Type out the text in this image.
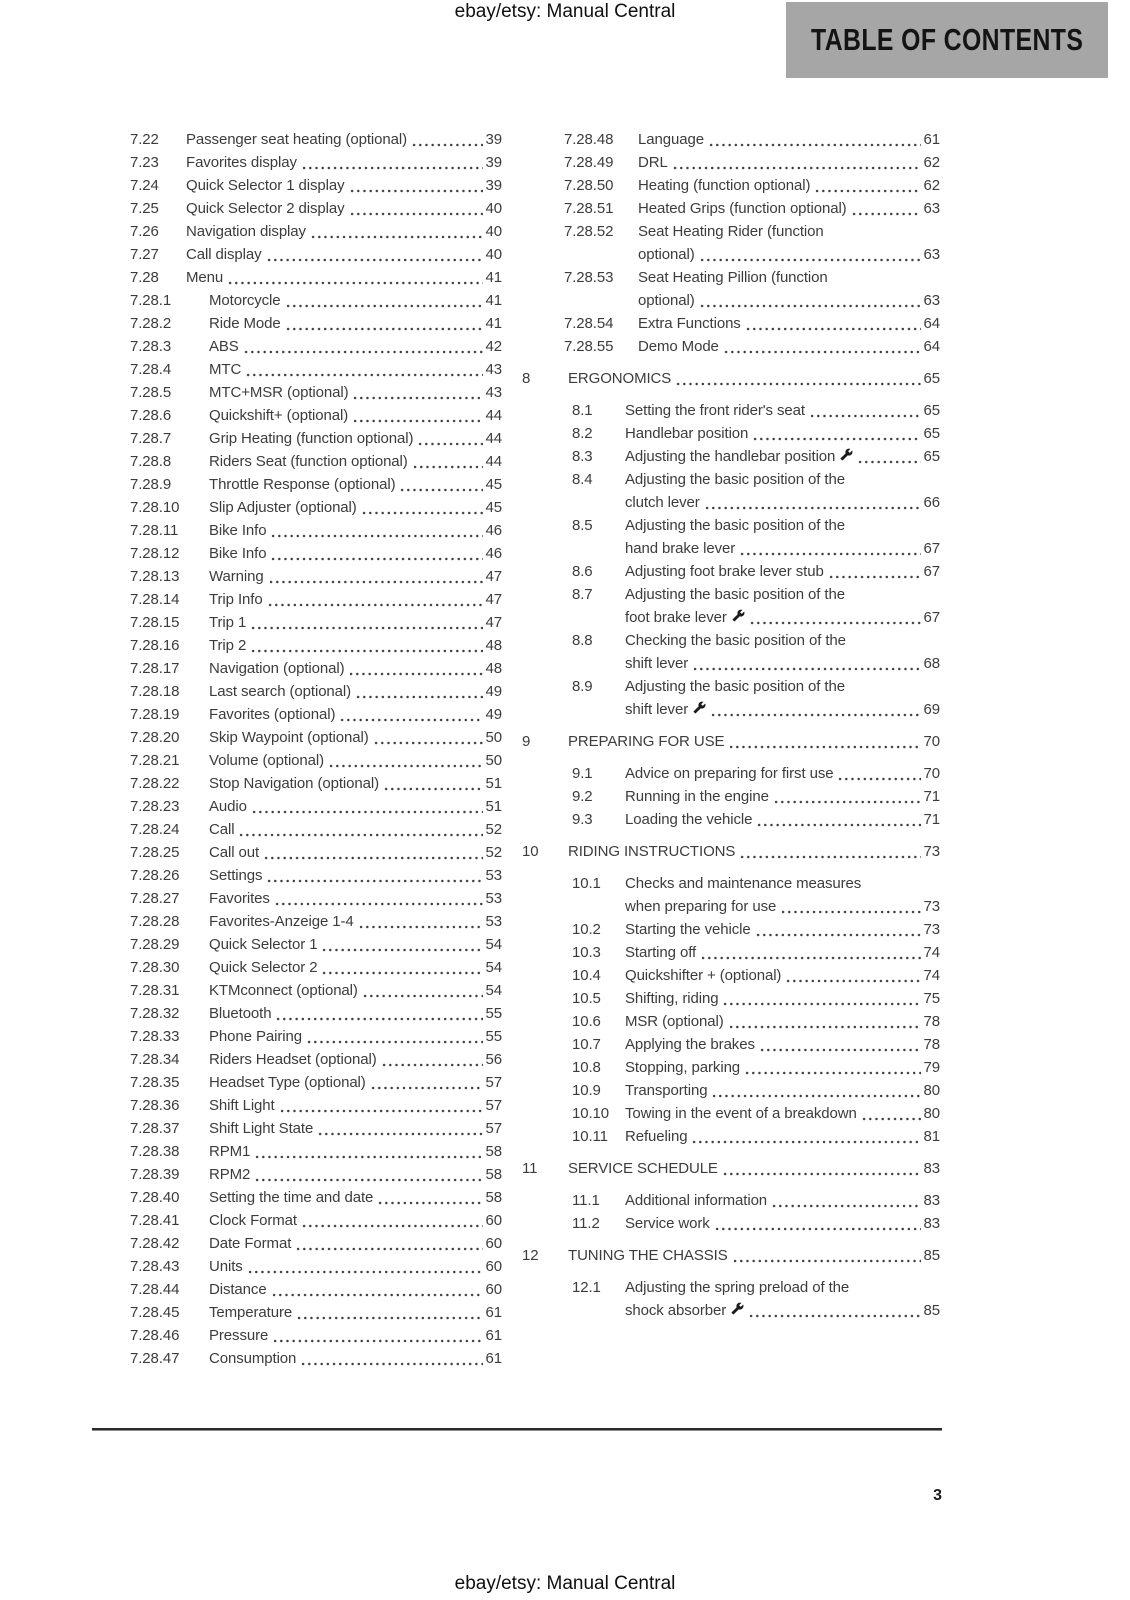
ebay/etsy: Manual Central
TABLE OF CONTENTS
7.22	Passenger seat heating (optional)	39
7.23	Favorites display	39
7.24	Quick Selector 1 display	39
7.25	Quick Selector 2 display	40
7.26	Navigation display	40
7.27	Call display	40
7.28	Menu	41
7.28.1	Motorcycle	41
7.28.2	Ride Mode	41
7.28.3	ABS	42
7.28.4	MTC	43
7.28.5	MTC+MSR (optional)	43
7.28.6	Quickshift+ (optional)	44
7.28.7	Grip Heating (function optional)	44
7.28.8	Riders Seat (function optional)	44
7.28.9	Throttle Response (optional)	45
7.28.10	Slip Adjuster (optional)	45
7.28.11	Bike Info	46
7.28.12	Bike Info	46
7.28.13	Warning	47
7.28.14	Trip Info	47
7.28.15	Trip 1	47
7.28.16	Trip 2	48
7.28.17	Navigation (optional)	48
7.28.18	Last search (optional)	49
7.28.19	Favorites (optional)	49
7.28.20	Skip Waypoint (optional)	50
7.28.21	Volume (optional)	50
7.28.22	Stop Navigation (optional)	51
7.28.23	Audio	51
7.28.24	Call	52
7.28.25	Call out	52
7.28.26	Settings	53
7.28.27	Favorites	53
7.28.28	Favorites-Anzeige 1-4	53
7.28.29	Quick Selector 1	54
7.28.30	Quick Selector 2	54
7.28.31	KTMconnect (optional)	54
7.28.32	Bluetooth	55
7.28.33	Phone Pairing	55
7.28.34	Riders Headset (optional)	56
7.28.35	Headset Type (optional)	57
7.28.36	Shift Light	57
7.28.37	Shift Light State	57
7.28.38	RPM1	58
7.28.39	RPM2	58
7.28.40	Setting the time and date	58
7.28.41	Clock Format	60
7.28.42	Date Format	60
7.28.43	Units	60
7.28.44	Distance	60
7.28.45	Temperature	61
7.28.46	Pressure	61
7.28.47	Consumption	61
7.28.48	Language	61
7.28.49	DRL	62
7.28.50	Heating (function optional)	62
7.28.51	Heated Grips (function optional)	63
7.28.52	Seat Heating Rider (function
optional)	63
7.28.53	Seat Heating Pillion (function
optional)	63
7.28.54	Extra Functions	64
7.28.55	Demo Mode	64
8	ERGONOMICS	65
8.1	Setting the front rider's seat	65
8.2	Handlebar position	65
8.3	Adjusting the handlebar position	65
8.4	Adjusting the basic position of the
clutch lever	66
8.5	Adjusting the basic position of the
hand brake lever	67
8.6	Adjusting foot brake lever stub	67
8.7	Adjusting the basic position of the
foot brake lever	67
8.8	Checking the basic position of the
shift lever	68
8.9	Adjusting the basic position of the
shift lever	69
9	PREPARING FOR USE	70
9.1	Advice on preparing for first use	70
9.2	Running in the engine	71
9.3	Loading the vehicle	71
10	RIDING INSTRUCTIONS	73
10.1	Checks and maintenance measures
when preparing for use	73
10.2	Starting the vehicle	73
10.3	Starting off	74
10.4	Quickshifter + (optional)	74
10.5	Shifting, riding	75
10.6	MSR (optional)	78
10.7	Applying the brakes	78
10.8	Stopping, parking	79
10.9	Transporting	80
10.10	Towing in the event of a breakdown	80
10.11	Refueling	81
11	SERVICE SCHEDULE	83
11.1	Additional information	83
11.2	Service work	83
12	TUNING THE CHASSIS	85
12.1	Adjusting the spring preload of the
shock absorber	85
3
ebay/etsy: Manual Central
